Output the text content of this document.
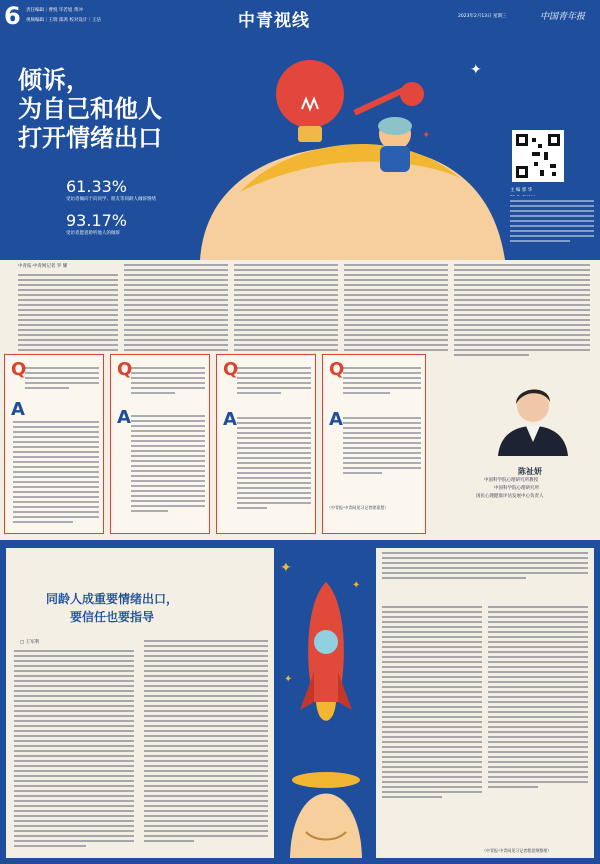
6 责任编辑｜曹悦 毕若旭 黄冲
视频编辑｜王瑞 邵鸿 校对设计｜王洁	中青视线	2023年2月13日 星期三	中国青年报
倾诉，
为自己和他人
打开情绪出口
61.33%
受访者倾向于向同学、朋友等同龄人倾诉情绪
93.17%
受访者愿意聆听他人的倾诉
✦
✦
主 编 郭 华
中青报·中青网记者 罗 耀
Q
A
Q
A
Q
A
Q
A
（中青报·中青网见习记者徐嘉慧）
陈祉妍
中国科学院心理研究所教授
中国科学院心理研究所
国民心理健康评估发展中心负责人
同龄人成重要情绪出口，
要信任也要指导
□ 王军利
✦
✦
✦
（中青报·中青网见习记者程思聚整理）
